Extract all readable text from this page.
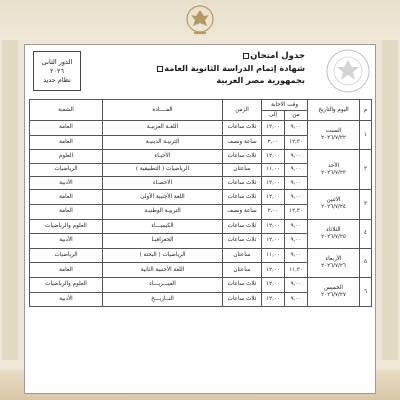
الدور الثانى
٢٠٢٦
نظام جديد
جدول امتحان
شهادة إتمام الدراسة الثانوية العامة
بجمهورية مصر العربية
م	اليوم والتاريخ	وقت الاجابة		الزمن	المــــادة	الشعبة
		من	إلى			
١	السبت
٢٠٢٦/٧/٢٢	٩,٠٠	١٢,٠٠	ثلاث ساعات	اللغـة العربيـة	العامة
		١٢,٣٠	٢,٠٠	ساعة ونصف	التربيـة الدينيـة	العامة
٢	الأحد
٢٠٢٦/٧/٢٣	٩,٠٠	١٢,٠٠	ثلاث ساعات	الأحيـاء	العلوم
		٩,٠٠	١١,٠٠	ساعتان	الرياضيات ( التطبيقية )	الرياضيات
		٩,٠٠	١٢,٠٠	ثلاث ساعات	الاحصـاء	الأدبية
٣	الاثنين
٢٠٢٦/٧/٢٤	٩,٠٠	١٢,٠٠	ثلاث ساعات	اللغة الأجنبية الأولى	العامة
		١٢,٣٠	٢,٠٠	ساعة ونصف	التربيـة الوطنيـة	العامة
٤	الثلاثاء
٢٠٢٦/٧/٢٥	٩,٠٠	١٢,٠٠	ثلاث ساعات	الكيميـــاء	العلوم والرياضيات
		٩,٠٠	١٢,٠٠	ثلاث ساعات	الجغرافيـا	الأدبية
٥	الأربعاء
٢٠٢٦/٧/٢٦	٩,٠٠	١١,٠٠	ساعتان	الرياضيات ( البحتة )	الرياضيات
		١١,٣٠	١٢,٠٠	ساعتان	اللغة الأجنبية الثانية	العامة
٦	الخميس
٢٠٢٦/٧/٢٧	٩,٠٠	١٢,٠٠	ثلاث ساعات	الفيـــزيـــاء	العلوم والرياضيات
		٩,٠٠	١٢,٠٠	ثلاث ساعات	التــاريـــخ	الأدبية
